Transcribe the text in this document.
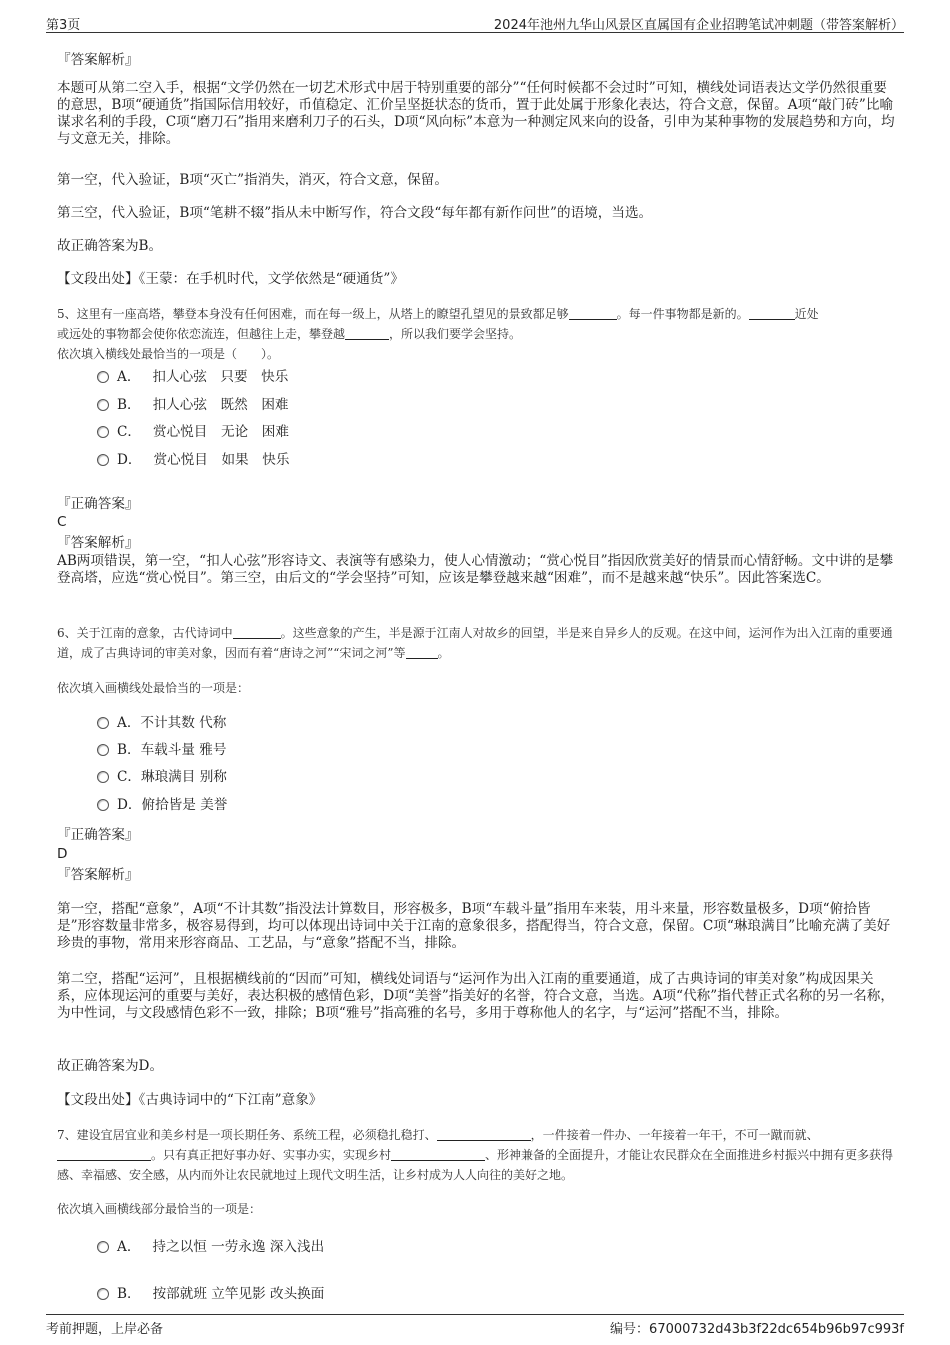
第3页	2024年池州九华山风景区直属国有企业招聘笔试冲刺题（带答案解析）
『答案解析』
本题可从第二空入手，根据“文学仍然在一切艺术形式中居于特别重要的部分”“任何时候都不会过时”可知，横线处词语表达文学仍然很重要的意思，B项“硬通货”指国际信用较好，币值稳定、汇价呈坚挺状态的货币，置于此处属于形象化表达，符合文意，保留。A项“敲门砖”比喻谋求名利的手段，C项“磨刀石”指用来磨利刀子的石头，D项“风向标”本意为一种测定风来向的设备，引申为某种事物的发展趋势和方向，均与文意无关，排除。
第一空，代入验证，B项“灭亡”指消失，消灭，符合文意，保留。
第三空，代入验证，B项“笔耕不辍”指从未中断写作，符合文段“每年都有新作问世”的语境，当选。
故正确答案为B。
【文段出处】《王蒙：在手机时代，文学依然是“硬通货”》
5、这里有一座高塔，攀登本身没有任何困难，而在每一级上，从塔上的瞭望孔望见的景致都足够	。每一件事物都是新的。	近处
或远处的事物都会使你依恋流连，但越往上走，攀登越	，所以我们要学会坚持。
依次填入横线处最恰当的一项是（　　）。
A． 扣人心弦　只要　快乐
B． 扣人心弦　既然　困难
C． 赏心悦目　无论　困难
D． 赏心悦目　如果　快乐
『正确答案』
C
『答案解析』
AB两项错误，第一空，“扣人心弦”形容诗文、表演等有感染力，使人心情激动；“赏心悦目”指因欣赏美好的情景而心情舒畅。文中讲的是攀登高塔，应选“赏心悦目”。第三空，由后文的“学会坚持”可知，应该是攀登越来越“困难”，而不是越来越“快乐”。因此答案选C。
6、关于江南的意象，古代诗词中	。这些意象的产生，半是源于江南人对故乡的回望，半是来自异乡人的反观。在这中间，运河作为出入江南的重要通道，成了古典诗词的审美对象，因而有着“唐诗之河”“宋词之河”等	。
依次填入画横线处最恰当的一项是：
A．不计其数 代称
B．车载斗量 雅号
C．琳琅满目 别称
D．俯拾皆是 美誉
『正确答案』
D
『答案解析』
第一空，搭配“意象”，A项“不计其数”指没法计算数目，形容极多，B项“车载斗量”指用车来装，用斗来量，形容数量极多，D项“俯拾皆是”形容数量非常多，极容易得到，均可以体现出诗词中关于江南的意象很多，搭配得当，符合文意，保留。C项“琳琅满目”比喻充满了美好珍贵的事物，常用来形容商品、工艺品，与“意象”搭配不当，排除。
第二空，搭配“运河”，且根据横线前的“因而”可知，横线处词语与“运河作为出入江南的重要通道，成了古典诗词的审美对象”构成因果关系，应体现运河的重要与美好，表达积极的感情色彩，D项“美誉”指美好的名誉，符合文意，当选。A项“代称”指代替正式名称的另一名称，为中性词，与文段感情色彩不一致，排除；B项“雅号”指高雅的名号，多用于尊称他人的名字，与“运河”搭配不当，排除。
故正确答案为D。
【文段出处】《古典诗词中的“下江南”意象》
7、建设宜居宜业和美乡村是一项长期任务、系统工程，必须稳扎稳打、	，一件接着一件办、一年接着一年干，不可一蹴而就、。只有真正把好事办好、实事办实，实现乡村	、形神兼备的全面提升，才能让农民群众在全面推进乡村振兴中拥有更多获得感、幸福感、安全感，从内而外让农民就地过上现代文明生活，让乡村成为人人向往的美好之地。
依次填入画横线部分最恰当的一项是：
A． 持之以恒 一劳永逸 深入浅出
B． 按部就班 立竿见影 改头换面
考前押题，上岸必备	编号：67000732d43b3f22dc654b96b97c993f
